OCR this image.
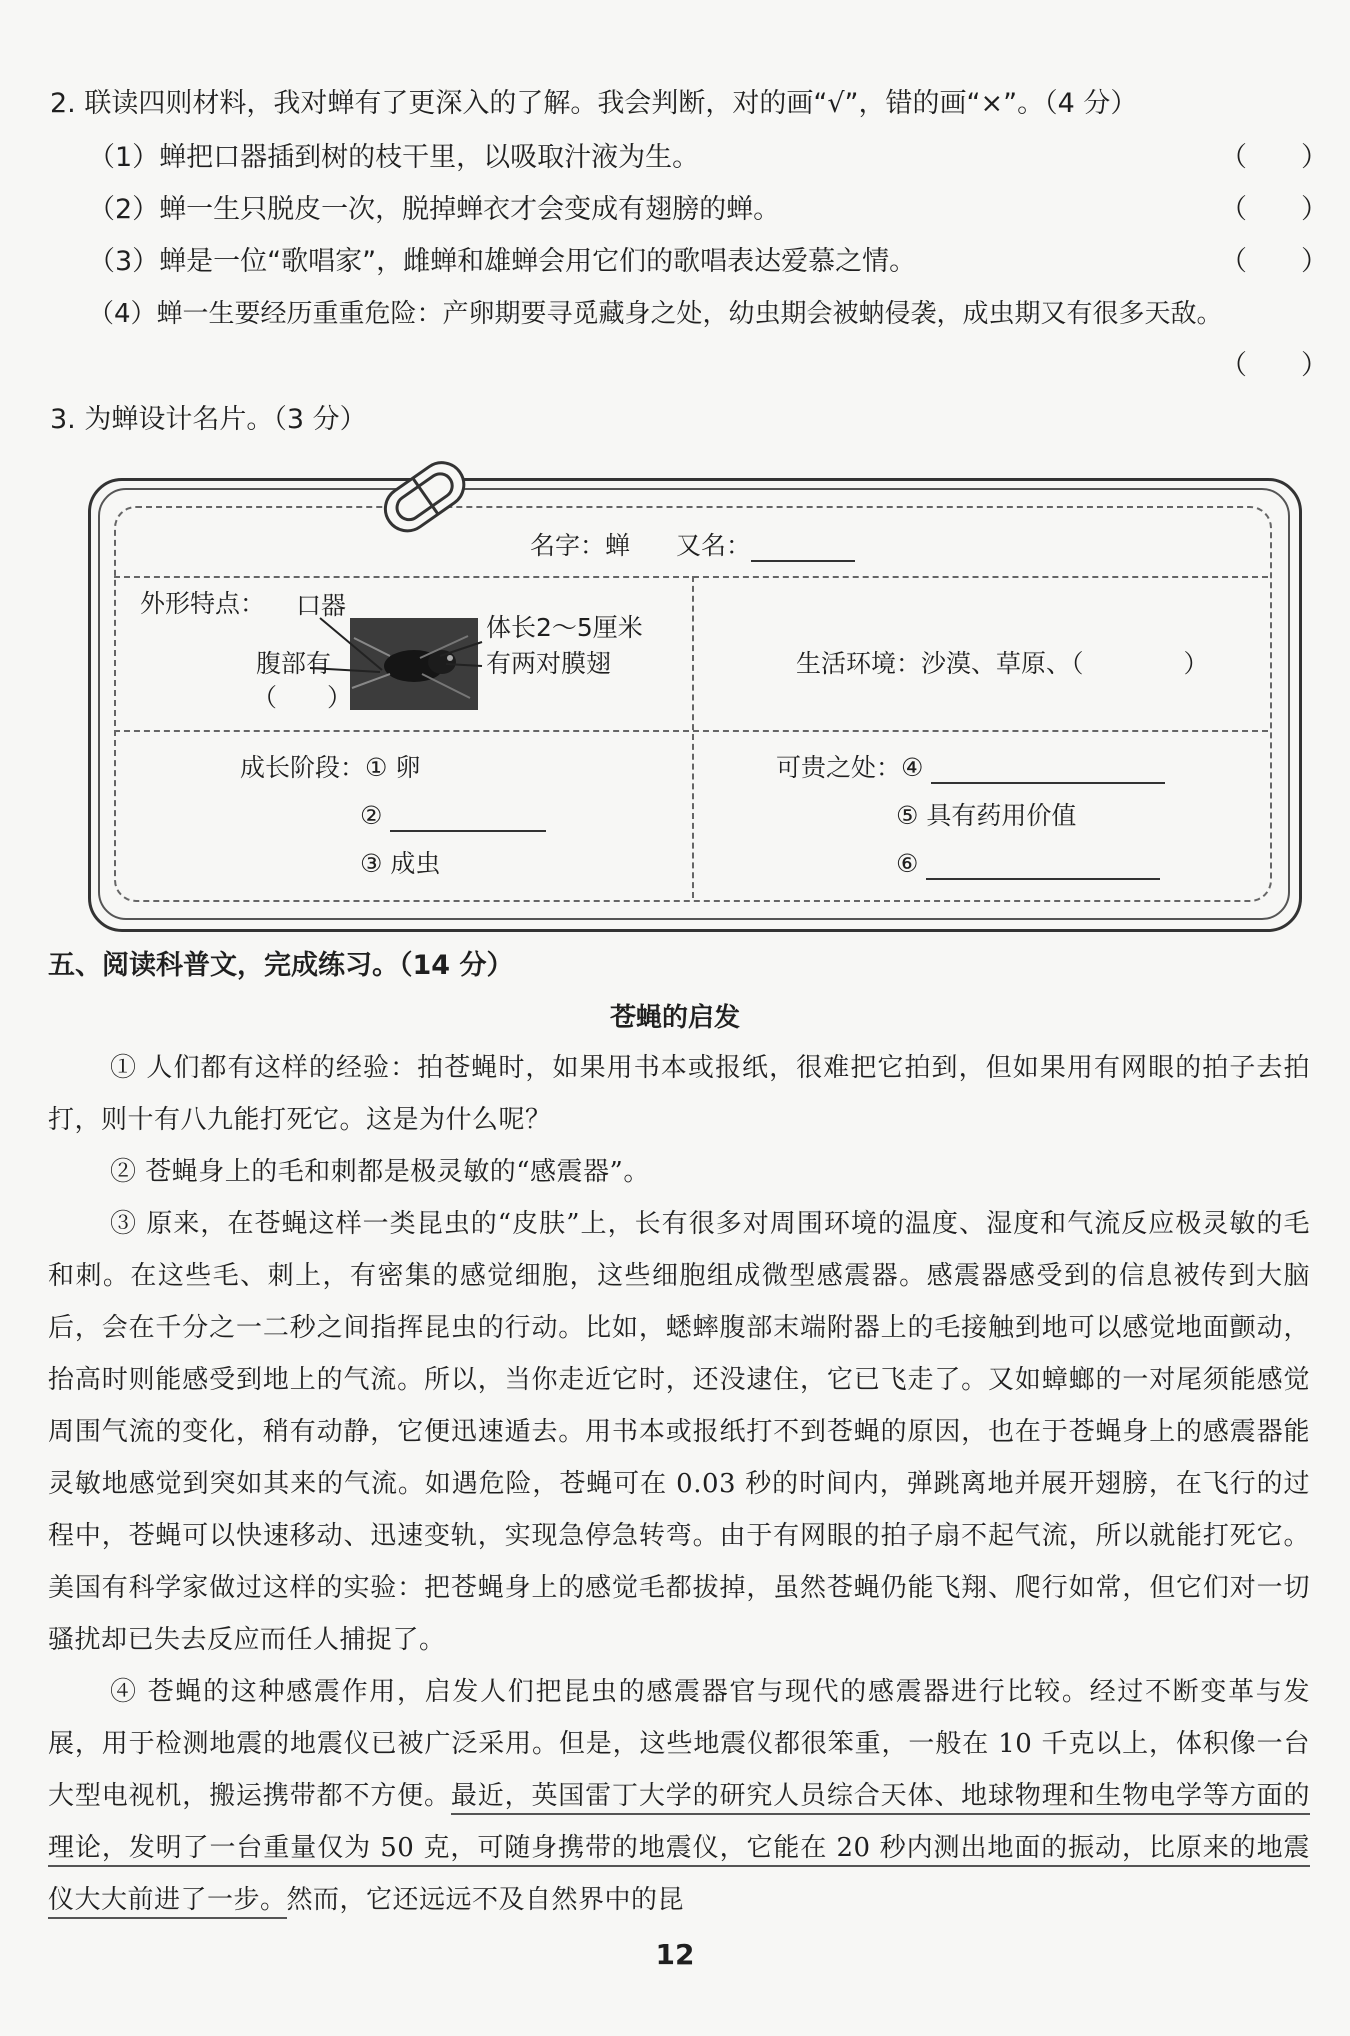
2. 联读四则材料，我对蝉有了更深入的了解。我会判断，对的画“√”，错的画“×”。（4 分）
（1）蝉把口器插到树的枝干里，以吸取汁液为生。	（　　）
（2）蝉一生只脱皮一次，脱掉蝉衣才会变成有翅膀的蝉。	（　　）
（3）蝉是一位“歌唱家”，雌蝉和雄蝉会用它们的歌唱表达爱慕之情。	（　　）
（4）蝉一生要经历重重危险：产卵期要寻觅藏身之处，幼虫期会被蚋侵袭，成虫期又有很多天敌。
（　　）
3. 为蝉设计名片。（3 分）
名字：蝉 又名：
外形特点： 口器
体长2～5厘米
有两对膜翅
腹部有
（　　）
生活环境：沙漠、草原、（　　　　）
成长阶段：① 卵
②
③ 成虫
可贵之处：④
⑤ 具有药用价值
⑥
五、阅读科普文，完成练习。（14 分）
苍蝇的启发
① 人们都有这样的经验：拍苍蝇时，如果用书本或报纸，很难把它拍到，但如果用有网眼的拍子去拍打，则十有八九能打死它。这是为什么呢？
② 苍蝇身上的毛和刺都是极灵敏的“感震器”。
③ 原来，在苍蝇这样一类昆虫的“皮肤”上，长有很多对周围环境的温度、湿度和气流反应极灵敏的毛和刺。在这些毛、刺上，有密集的感觉细胞，这些细胞组成微型感震器。感震器感受到的信息被传到大脑后，会在千分之一二秒之间指挥昆虫的行动。比如，蟋蟀腹部末端附器上的毛接触到地可以感觉地面颤动，抬高时则能感受到地上的气流。所以，当你走近它时，还没逮住，它已飞走了。又如蟑螂的一对尾须能感觉周围气流的变化，稍有动静，它便迅速遁去。用书本或报纸打不到苍蝇的原因，也在于苍蝇身上的感震器能灵敏地感觉到突如其来的气流。如遇危险，苍蝇可在 0.03 秒的时间内，弹跳离地并展开翅膀，在飞行的过程中，苍蝇可以快速移动、迅速变轨，实现急停急转弯。由于有网眼的拍子扇不起气流，所以就能打死它。美国有科学家做过这样的实验：把苍蝇身上的感觉毛都拔掉，虽然苍蝇仍能飞翔、爬行如常，但它们对一切骚扰却已失去反应而任人捕捉了。
④ 苍蝇的这种感震作用，启发人们把昆虫的感震器官与现代的感震器进行比较。经过不断变革与发展，用于检测地震的地震仪已被广泛采用。但是，这些地震仪都很笨重，一般在 10 千克以上，体积像一台大型电视机，搬运携带都不方便。最近，英国雷丁大学的研究人员综合天体、地球物理和生物电学等方面的理论，发明了一台重量仅为 50 克，可随身携带的地震仪，它能在 20 秒内测出地面的振动，比原来的地震仪大大前进了一步。然而，它还远远不及自然界中的昆
12
